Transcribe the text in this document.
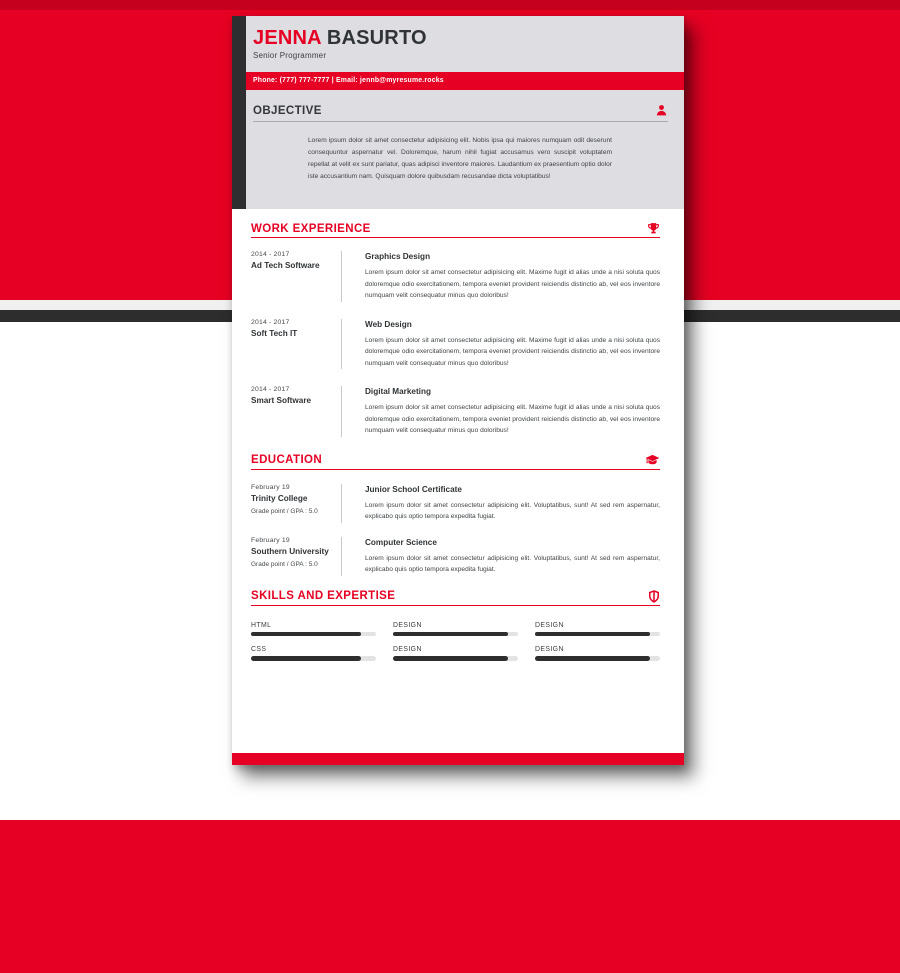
JENNA BASURTO
Senior Programmer
Phone: (777) 777-7777 | Email: jennb@myresume.rocks
OBJECTIVE

Lorem ipsum dolor sit amet consectetur adipisicing elit. Nobis ipsa qui maiores numquam odit deserunt consequuntur aspernatur vel. Doloremque, harum nihil fugiat accusamus vero suscipit voluptatem repellat at velit ex sunt pariatur, quas adipisci inventore maiores. Laudantium ex praesentium optio dolor iste accusantium nam. Quisquam dolore quibusdam recusandae dicta voluptatibus!

WORK EXPERIENCE
2014 - 2017
Ad Tech Software
Graphics Design

Lorem ipsum dolor sit amet consectetur adipisicing elit. Maxime fugit id alias unde a nisi soluta quos doloremque odio exercitationem, tempora eveniet provident reiciendis distinctio ab, vel eos inventore numquam velit consequatur minus quo doloribus!

2014 - 2017
Soft Tech IT
Web Design

Lorem ipsum dolor sit amet consectetur adipisicing elit. Maxime fugit id alias unde a nisi soluta quos doloremque odio exercitationem, tempora eveniet provident reiciendis distinctio ab, vel eos inventore numquam velit consequatur minus quo doloribus!

2014 - 2017
Smart Software
Digital Marketing

Lorem ipsum dolor sit amet consectetur adipisicing elit. Maxime fugit id alias unde a nisi soluta quos doloremque odio exercitationem, tempora eveniet provident reiciendis distinctio ab, vel eos inventore numquam velit consequatur minus quo doloribus!

EDUCATION
February 19
Trinity College
Grade point / GPA : 5.0
Junior School Certificate

Lorem ipsum dolor sit amet consectetur adipisicing elit. Voluptatibus, sunt! At sed rem aspernatur, explicabo quis optio tempora expedita fugiat.

February 19
Southern University
Grade point / GPA : 5.0
Computer Science

Lorem ipsum dolor sit amet consectetur adipisicing elit. Voluptatibus, sunt! At sed rem aspernatur, explicabo quis optio tempora expedita fugiat.

SKILLS AND EXPERTISE
HTML	DESIGN	DESIGN
CSS	DESIGN	DESIGN
